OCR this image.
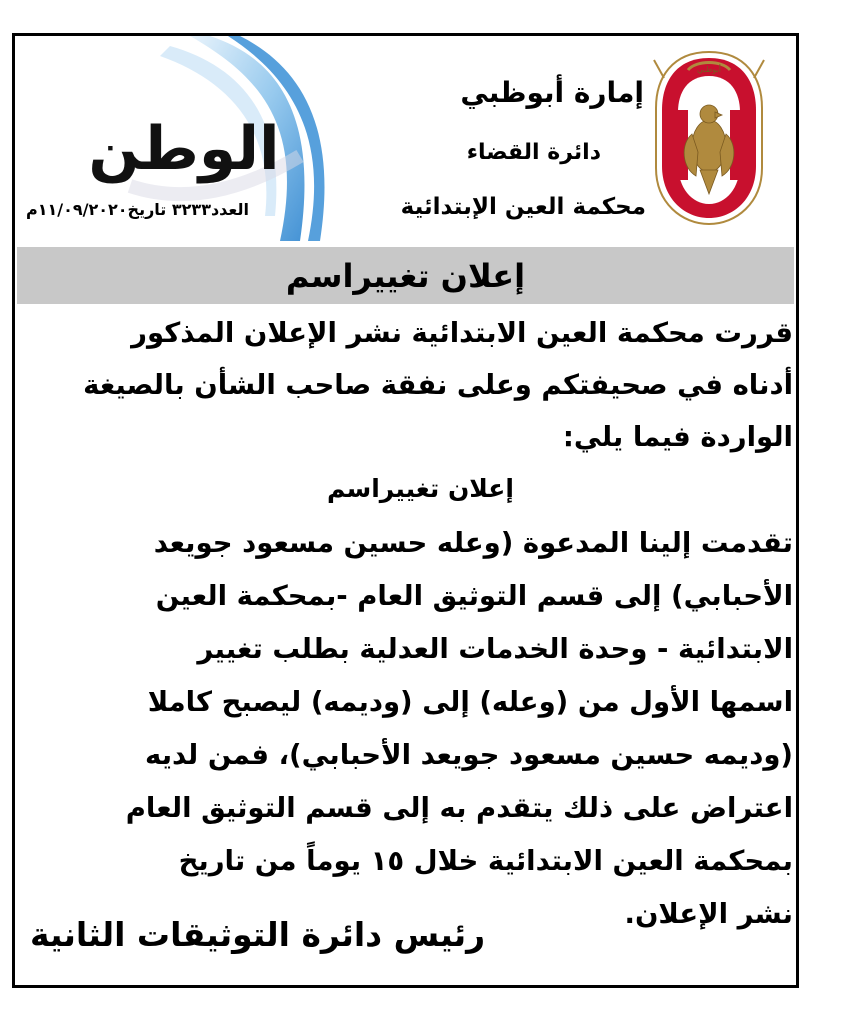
أبوظبي
إمارة أبوظبي
دائرة القضاء
محكمة العين الإبتدائية
الوطن
العدد٣٢٣٣ تاريخ١١/٠٩/٢٠٢٠م
إعلان تغييراسم
قررت محكمة العين الابتدائية نشر الإعلان المذكور
أدناه في صحيفتكم وعلى نفقة صاحب الشأن بالصيغة
الواردة فيما يلي:
إعلان تغييراسم
تقدمت إلينا المدعوة (وعله حسين مسعود جويعد
الأحبابي) إلى قسم التوثيق العام -بمحكمة العين
الابتدائية - وحدة الخدمات العدلية بطلب تغيير
اسمها الأول من (وعله) إلى (وديمه) ليصبح كاملا
(وديمه حسين مسعود جويعد الأحبابي)، فمن لديه
اعتراض على ذلك يتقدم به إلى قسم التوثيق العام
بمحكمة العين الابتدائية خلال ١٥ يوماً من تاريخ
نشر الإعلان.
رئيس دائرة التوثيقات الثانية
